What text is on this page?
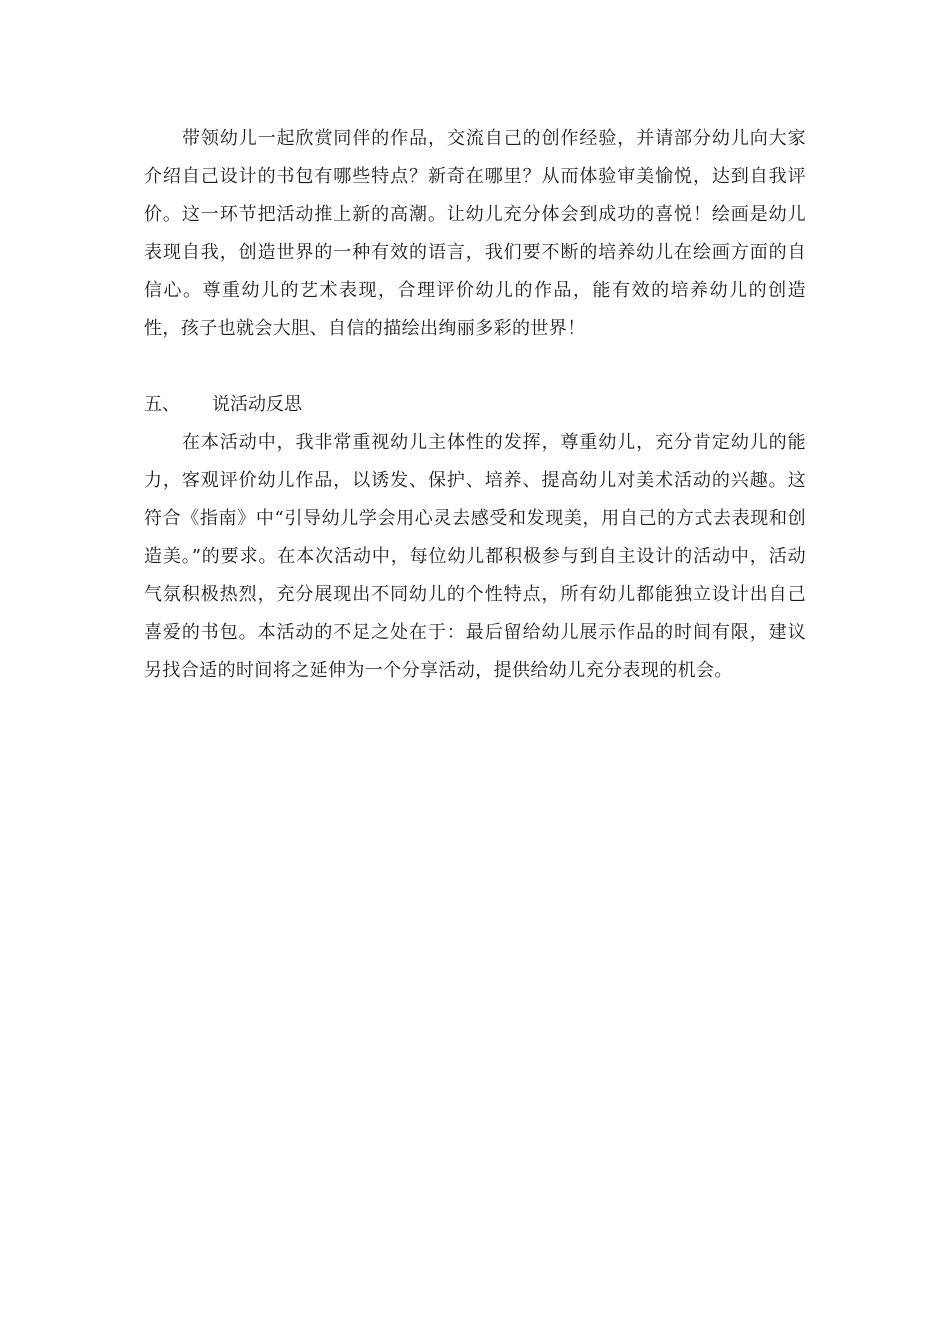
带领幼儿一起欣赏同伴的作品，交流自己的创作经验，并请部分幼儿向大家介绍自己设计的书包有哪些特点？新奇在哪里？从而体验审美愉悦，达到自我评价。这一环节把活动推上新的高潮。让幼儿充分体会到成功的喜悦！绘画是幼儿表现自我，创造世界的一种有效的语言，我们要不断的培养幼儿在绘画方面的自信心。尊重幼儿的艺术表现，合理评价幼儿的作品，能有效的培养幼儿的创造性，孩子也就会大胆、自信的描绘出绚丽多彩的世界！

五、	说活动反思

在本活动中，我非常重视幼儿主体性的发挥，尊重幼儿，充分肯定幼儿的能力，客观评价幼儿作品，以诱发、保护、培养、提高幼儿对美术活动的兴趣。这符合《指南》中“引导幼儿学会用心灵去感受和发现美，用自己的方式去表现和创造美。”的要求。在本次活动中，每位幼儿都积极参与到自主设计的活动中，活动气氛积极热烈，充分展现出不同幼儿的个性特点，所有幼儿都能独立设计出自己喜爱的书包。本活动的不足之处在于：最后留给幼儿展示作品的时间有限，建议另找合适的时间将之延伸为一个分享活动，提供给幼儿充分表现的机会。
